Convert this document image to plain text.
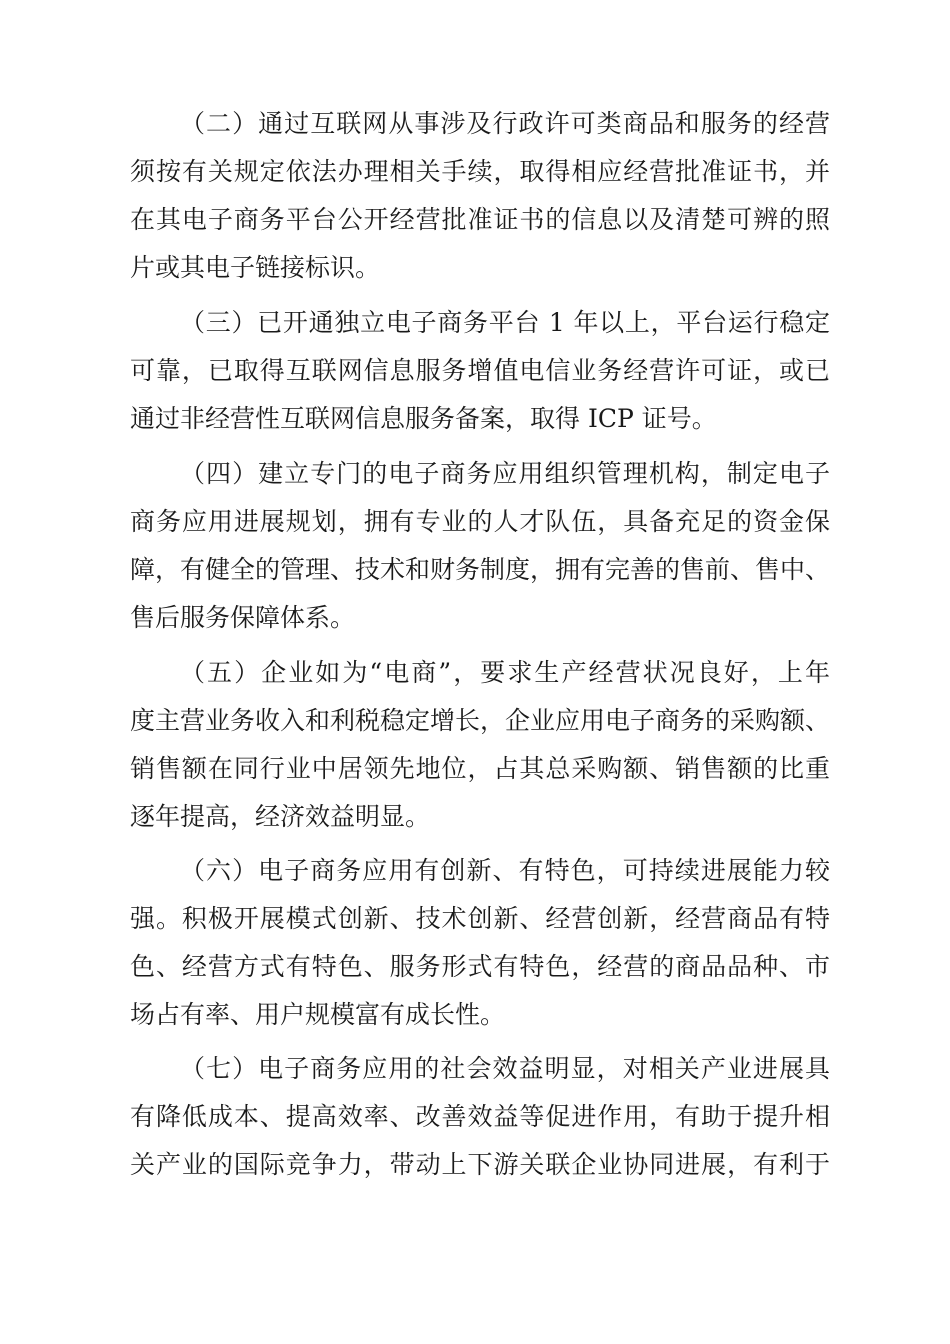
（二）通过互联网从事涉及行政许可类商品和服务的经营
须按有关规定依法办理相关手续，取得相应经营批准证书，并
在其电子商务平台公开经营批准证书的信息以及清楚可辨的照
片或其电子链接标识。
（三）已开通独立电子商务平台 1 年以上，平台运行稳定
可靠，已取得互联网信息服务增值电信业务经营许可证，或已
通过非经营性互联网信息服务备案，取得 ICP 证号。
（四）建立专门的电子商务应用组织管理机构，制定电子
商务应用进展规划，拥有专业的人才队伍，具备充足的资金保
障，有健全的管理、技术和财务制度，拥有完善的售前、售中、
售后服务保障体系。
（五）企业如为“电商”，要求生产经营状况良好，上年
度主营业务收入和利税稳定增长，企业应用电子商务的采购额、
销售额在同行业中居领先地位，占其总采购额、销售额的比重
逐年提高，经济效益明显。
（六）电子商务应用有创新、有特色，可持续进展能力较
强。积极开展模式创新、技术创新、经营创新，经营商品有特
色、经营方式有特色、服务形式有特色，经营的商品品种、市
场占有率、用户规模富有成长性。
（七）电子商务应用的社会效益明显，对相关产业进展具
有降低成本、提高效率、改善效益等促进作用，有助于提升相
关产业的国际竞争力，带动上下游关联企业协同进展，有利于
